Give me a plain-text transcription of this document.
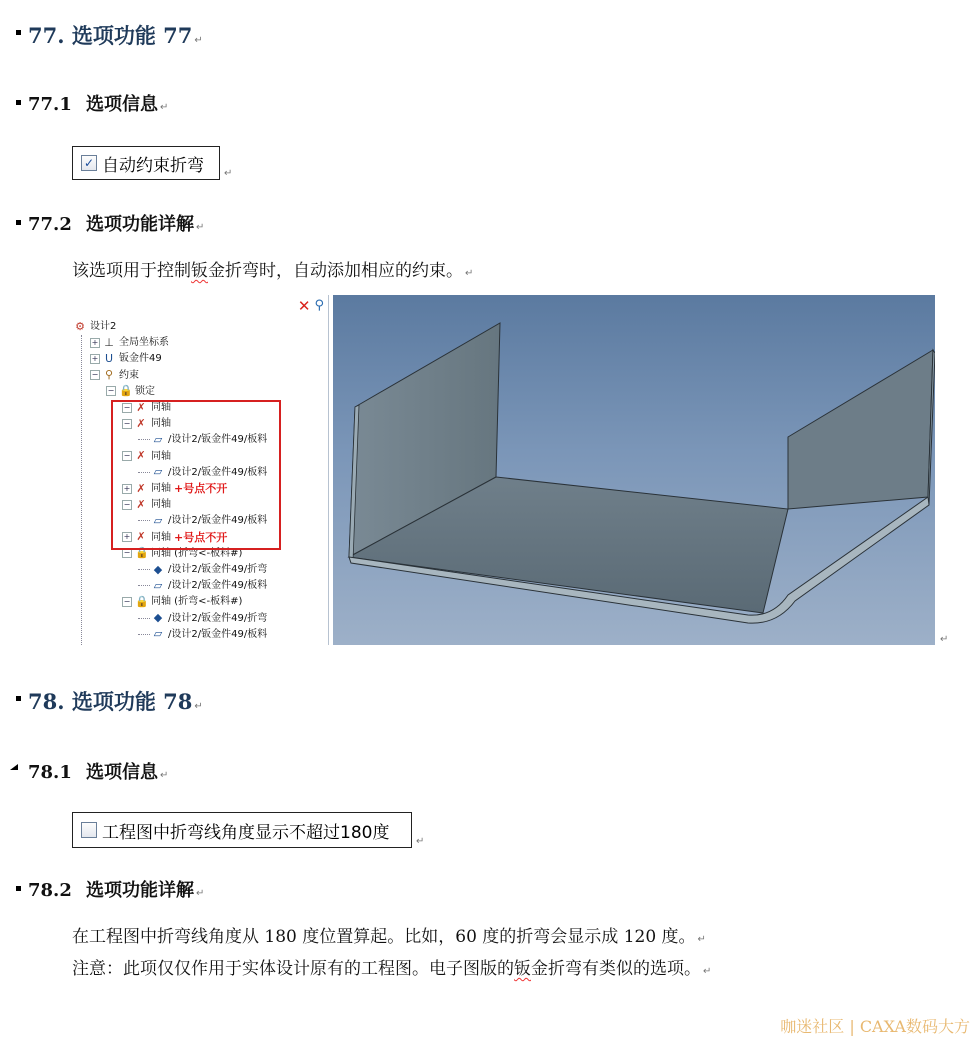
77. 选项功能 77 ↵
77.1 选项信息 ↵
✓ 自动约束折弯 ↵
77.2 选项功能详解 ↵
该选项用于控制钣金折弯时，自动添加相应的约束。 ↵
✕ ⚲
⚙ 设计2
+ ⊥ 全局坐标系
+ U 钣金件49
− ⚲ 约束
− 🔒 锁定
− ✗ 同轴
− ✗ 同轴
▱ /设计2/钣金件49/板料
− ✗ 同轴
▱ /设计2/钣金件49/板料
+ ✗ 同轴 +号点不开
− ✗ 同轴
▱ /设计2/钣金件49/板料
+ ✗ 同轴 +号点不开
− 🔒 同轴 (折弯<-板料#)
◆ /设计2/钣金件49/折弯
▱ /设计2/钣金件49/板料
− 🔒 同轴 (折弯<-板料#)
◆ /设计2/钣金件49/折弯
▱ /设计2/钣金件49/板料	↵
78. 选项功能 78 ↵
78.1 选项信息 ↵
工程图中折弯线角度显示不超过180度	↵
78.2 选项功能详解 ↵
在工程图中折弯线角度从 180 度位置算起。比如，60 度的折弯会显示成 120 度。 ↵
注意：此项仅仅作用于实体设计原有的工程图。电子图版的钣金折弯有类似的选项。 ↵
咖迷社区 | CAXA数码大方
